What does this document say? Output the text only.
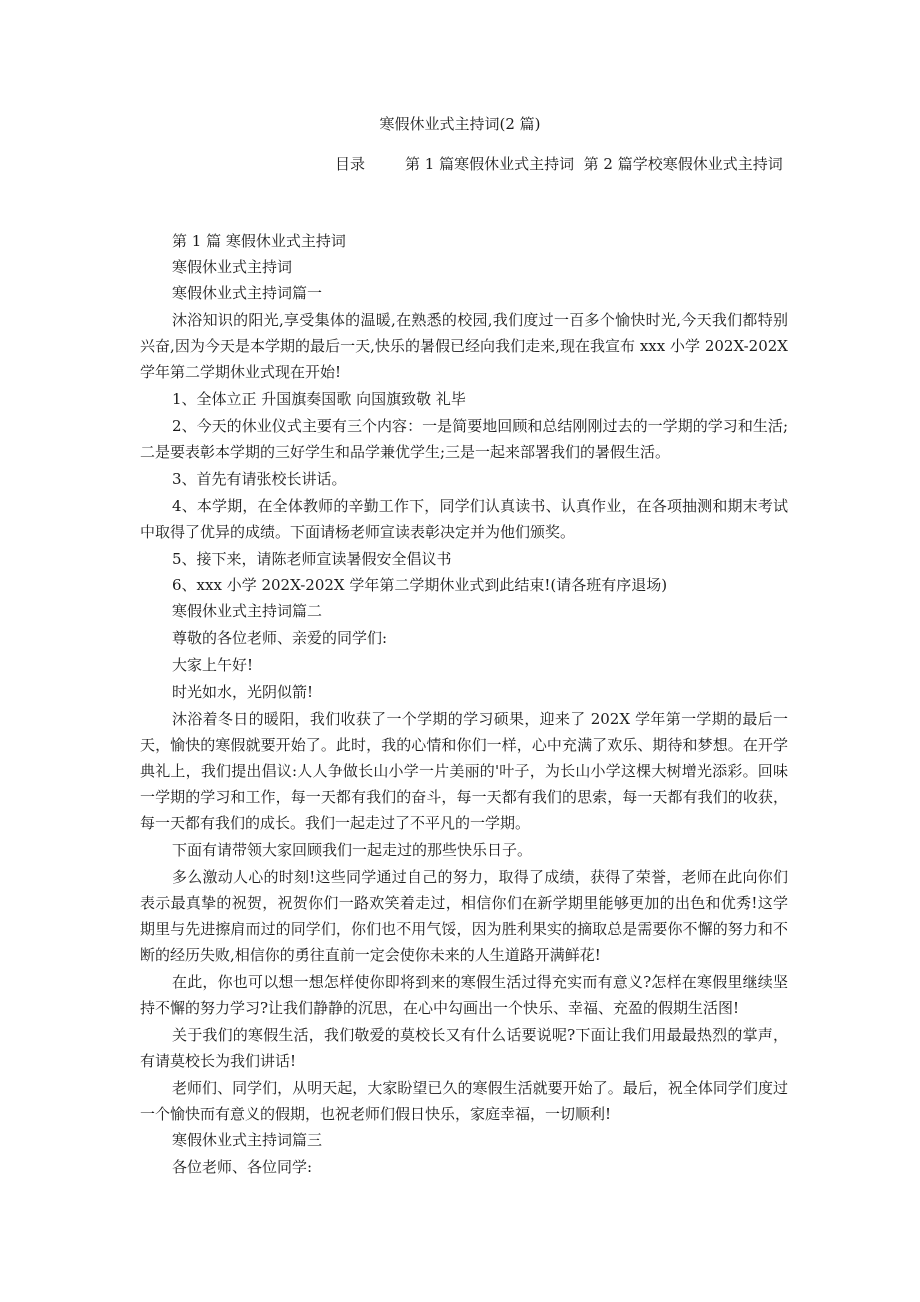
寒假休业式主持词(2 篇)
目录	第 1 篇寒假休业式主持词 第 2 篇学校寒假休业式主持词

第 1 篇 寒假休业式主持词

寒假休业式主持词

寒假休业式主持词篇一

沐浴知识的阳光,享受集体的温暖,在熟悉的校园,我们度过一百多个愉快时光,今天我们都特别兴奋,因为今天是本学期的最后一天,快乐的暑假已经向我们走来,现在我宣布 xxx 小学 202X-202X 学年第二学期休业式现在开始!

1、全体立正 升国旗奏国歌 向国旗致敬 礼毕

2、今天的休业仪式主要有三个内容：一是简要地回顾和总结刚刚过去的一学期的学习和生活;二是要表彰本学期的三好学生和品学兼优学生;三是一起来部署我们的暑假生活。

3、首先有请张校长讲话。

4、本学期，在全体教师的辛勤工作下，同学们认真读书、认真作业，在各项抽测和期末考试中取得了优异的成绩。下面请杨老师宣读表彰决定并为他们颁奖。

5、接下来，请陈老师宣读暑假安全倡议书

6、xxx 小学 202X-202X 学年第二学期休业式到此结束!(请各班有序退场)

寒假休业式主持词篇二

尊敬的各位老师、亲爱的同学们:

大家上午好!

时光如水，光阴似箭!

沐浴着冬日的暖阳，我们收获了一个学期的学习硕果，迎来了 202X 学年第一学期的最后一天，愉快的寒假就要开始了。此时，我的心情和你们一样，心中充满了欢乐、期待和梦想。在开学典礼上，我们提出倡议:人人争做长山小学一片美丽的'叶子，为长山小学这棵大树增光添彩。回味一学期的学习和工作，每一天都有我们的奋斗，每一天都有我们的思索，每一天都有我们的收获，每一天都有我们的成长。我们一起走过了不平凡的一学期。

下面有请带领大家回顾我们一起走过的那些快乐日子。

多么激动人心的时刻!这些同学通过自己的努力，取得了成绩，获得了荣誉，老师在此向你们表示最真挚的祝贺，祝贺你们一路欢笑着走过，相信你们在新学期里能够更加的出色和优秀!这学期里与先进擦肩而过的同学们，你们也不用气馁，因为胜利果实的摘取总是需要你不懈的努力和不断的经历失败,相信你的勇往直前一定会使你未来的人生道路开满鲜花!

在此，你也可以想一想怎样使你即将到来的寒假生活过得充实而有意义?怎样在寒假里继续坚持不懈的努力学习?让我们静静的沉思，在心中勾画出一个快乐、幸福、充盈的假期生活图!

关于我们的寒假生活，我们敬爱的莫校长又有什么话要说呢?下面让我们用最最热烈的掌声，有请莫校长为我们讲话!

老师们、同学们，从明天起，大家盼望已久的寒假生活就要开始了。最后，祝全体同学们度过一个愉快而有意义的假期，也祝老师们假日快乐，家庭幸福，一切顺利!

寒假休业式主持词篇三

各位老师、各位同学:
